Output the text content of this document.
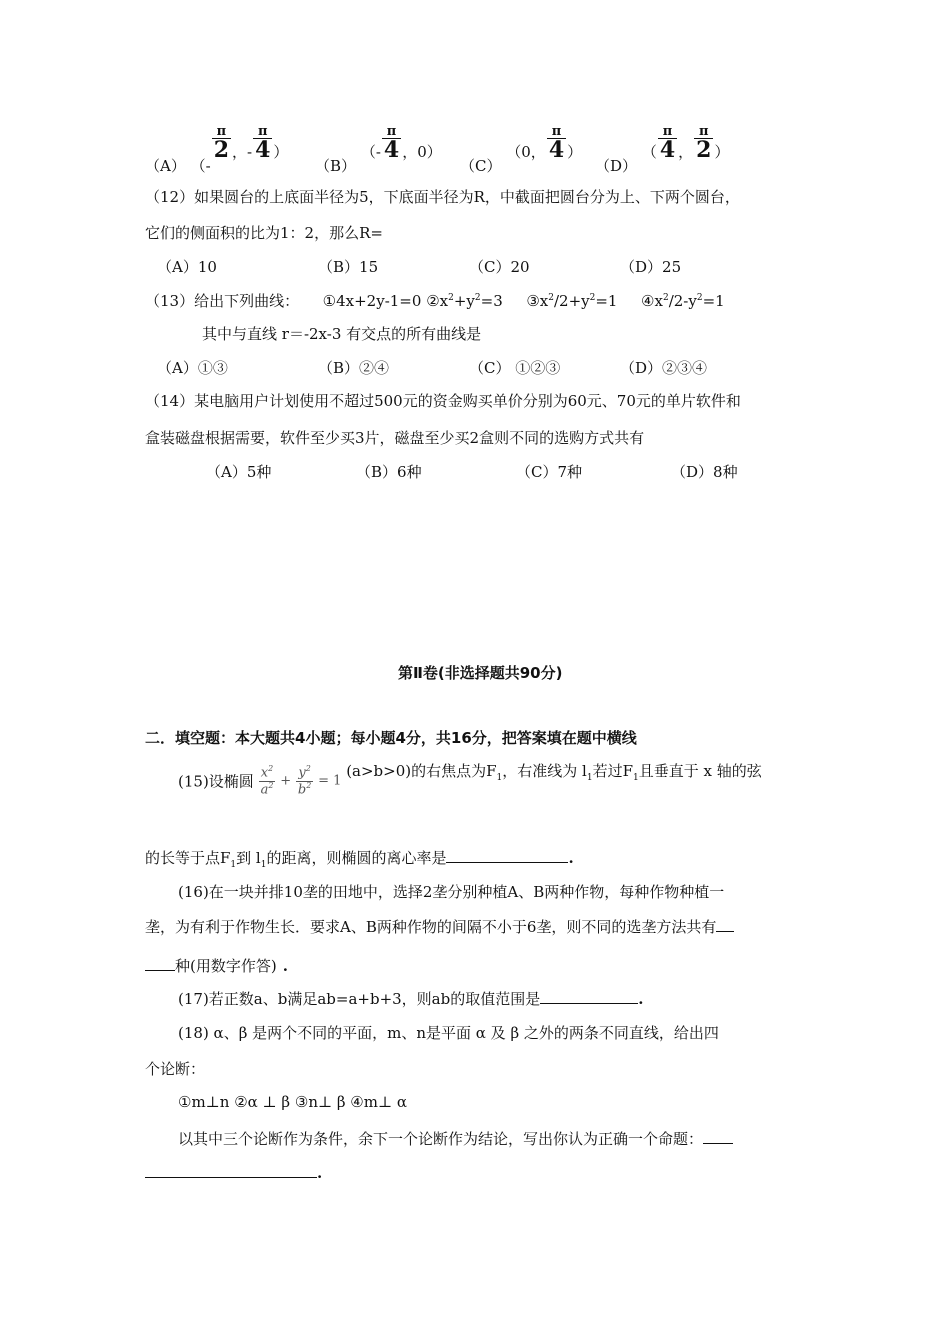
（A） （-
$\frac{\pi}{2}$ ，- $\frac{\pi}{4}$ ）
（B） （- $\frac{\pi}{4}$ ，0）
（C） （0， $\frac{\pi}{4}$ ）
（D） （ $\frac{\pi}{4}$ ， $\frac{\pi}{2}$ ）
（12）如果圆台的上底面半径为5，下底面半径为R，中截面把圆台分为上、下两个圆台，
它们的侧面积的比为1：2，那么R=
（A）10	（B）15	（C）20	（D）25
（13）给出下列曲线： ①4x+2y-1=0 $②x^2+y^2=3$ $③x^2/2+y^2=1$ $④x^2/2-y^2=1$
其中与直线 r＝-2x-3 有交点的所有曲线是
（A）①③	（B）②④	（C） ①②③	（D）②③④
（14）某电脑用户计划使用不超过500元的资金购买单价分别为60元、70元的单片软件和
盒装磁盘根据需要，软件至少买3片，磁盘至少买2盒则不同的选购方式共有
（A）5种	（B）6种	（C）7种	（D）8种
第Ⅱ卷(非选择题共90分)
二．填空题：本大题共4小题；每小题4分，共16分，把答案填在题中横线
(15)设椭圆 $\frac{x^2}{a^2} + \frac{y^2}{b^2} = 1$ (a>b>0)的右焦点为$F_1$，右准线为 $l_1$若过$F_1$且垂直于 x 轴的弦
的长等于点$F_1$到 $l_1$的距离，则椭圆的离心率是	.
(16)在一块并排10垄的田地中，选择2垄分别种植A、B两种作物，每种作物种植一
垄，为有利于作物生长．要求A、B两种作物的间隔不小于6垄，则不同的选垄方法共有
种(用数字作答) .
(17)若正数a、b满足ab=a+b+3，则ab的取值范围是	.
(18) α、β 是两个不同的平面，m、n是平面 α 及 β 之外的两条不同直线，给出四
个论断：
①m⊥n ②α ⊥ β ③n⊥ β ④m⊥ α
以其中三个论断作为条件，余下一个论断作为结论，写出你认为正确一个命题：
.
